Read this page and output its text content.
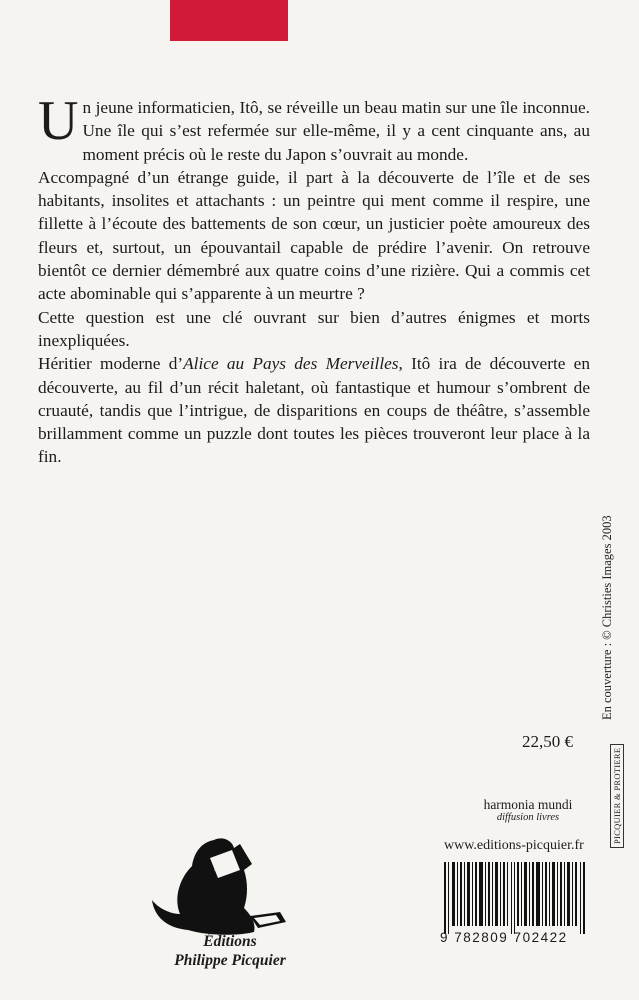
Un jeune informaticien, Itô, se réveille un beau matin sur une île inconnue. Une île qui s’est refermée sur elle-même, il y a cent cinquante ans, au moment précis où le reste du Japon s’ouvrait au monde.

Accompagné d’un étrange guide, il part à la découverte de l’île et de ses habitants, insolites et attachants : un peintre qui ment comme il respire, une fillette à l’écoute des battements de son cœur, un justicier poète amoureux des fleurs et, surtout, un épouvantail capable de prédire l’avenir. On retrouve bientôt ce dernier démembré aux quatre coins d’une rizière. Qui a commis cet acte abominable qui s’apparente à un meurtre ?

Cette question est une clé ouvrant sur bien d’autres énigmes et morts inexpliquées.

Héritier moderne d’Alice au Pays des Merveilles, Itô ira de découverte en découverte, au fil d’un récit haletant, où fantastique et humour s’ombrent de cruauté, tandis que l’intrigue, de disparitions en coups de théâtre, s’assemble brillamment comme un puzzle dont toutes les pièces trouveront leur place à la fin.

En couverture : © Christies Images 2003
22,50 €
harmonia mundi
diffusion livres	PICQUIER & PROTIERE
www.editions-picquier.fr
9 782809 702422
Éditions
Philippe Picquier
